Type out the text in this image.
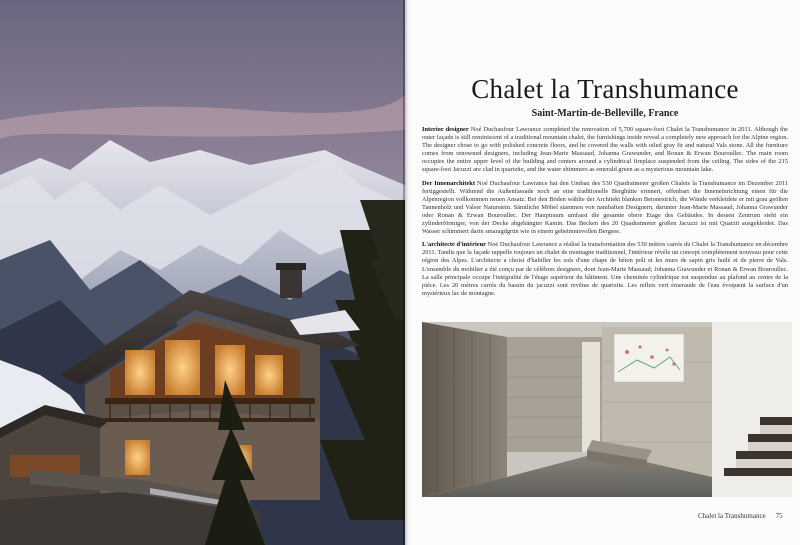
Chalet la Transhumance
Saint-Martin-de-Belleville, France

Interior designer Noé Duchaufour Lawrance completed the renovation of 5,700 square-foot Chalet la Transhumance in 2011. Although the outer façade is still reminiscent of a traditional mountain chalet, the furnishings inside reveal a completely new approach for the Alpine region. The designer chose to go with polished concrete floors, and he covered the walls with oiled gray fir and natural Vals stone. All the furniture comes from renowned designers, including Jean-Marie Massaud, Johanna Grawunder, and Ronan & Erwan Bouroullec. The main room occupies the entire upper level of the building and centers around a cylindrical fireplace suspended from the ceiling. The sides of the 215 square-foot Jacuzzi are clad in quartzite, and the water shimmers as emerald green as a mysterious mountain lake.

Der Innenarchitekt Noé Duchaufour Lawrance hat den Umbau des 530 Quadratmeter großen Chalets la Transhumance im Dezember 2011 fertiggestellt. Während die Außenfassade noch an eine traditionelle Berghütte erinnert, offenbart die Inneneinrichtung einen für die Alpenregion vollkommen neuen Ansatz. Bei den Böden wählte der Architekt blanken Betonestrich, die Wände verkleidete er mit grau geölten Tannenholz und Valser Naturstein. Sämtliche Möbel stammen von namhaften Designern, darunter Jean-Marie Massaud, Johanna Grawunder oder Ronan & Erwan Bouroullec. Der Hauptraum umfasst die gesamte obere Etage des Gebäudes. In dessen Zentrum steht ein zylinderförmiger, von der Decke abgehängter Kamin. Das Becken des 20 Quadratmeter großen Jacuzzi ist mit Quarzit ausgekleidet. Das Wasser schimmert darin smaragdgrün wie in einem geheimnisvollen Bergsee.

L'architecte d'intérieur Noé Duchaufour Lawrance a réalisé la transformation des 530 mètres carrés du Chalet la Transhumance en décembre 2011. Tandis que la façade rappelle toujours un chalet de montagne traditionnel, l'intérieur révèle un concept complètement nouveau pour cette région des Alpes. L'architecte a choisi d'habiller les sols d'une chape de béton poli et les murs de sapin gris huilé et de pierre de Vals. L'ensemble du mobilier a été conçu par de célèbres designers, dont Jean-Marie Massaud, Johanna Grawunder et Ronan & Erwan Bouroullec. La salle principale occupe l'intégralité de l'étage supérieur du bâtiment. Une cheminée cylindrique est suspendue au plafond au centre de la pièce. Les 20 mètres carrés du bassin du jacuzzi sont revêtus de quartzite. Les reflets vert émeraude de l'eau évoquent la surface d'un mystérieux lac de montagne.

Chalet la Transhumance 75
